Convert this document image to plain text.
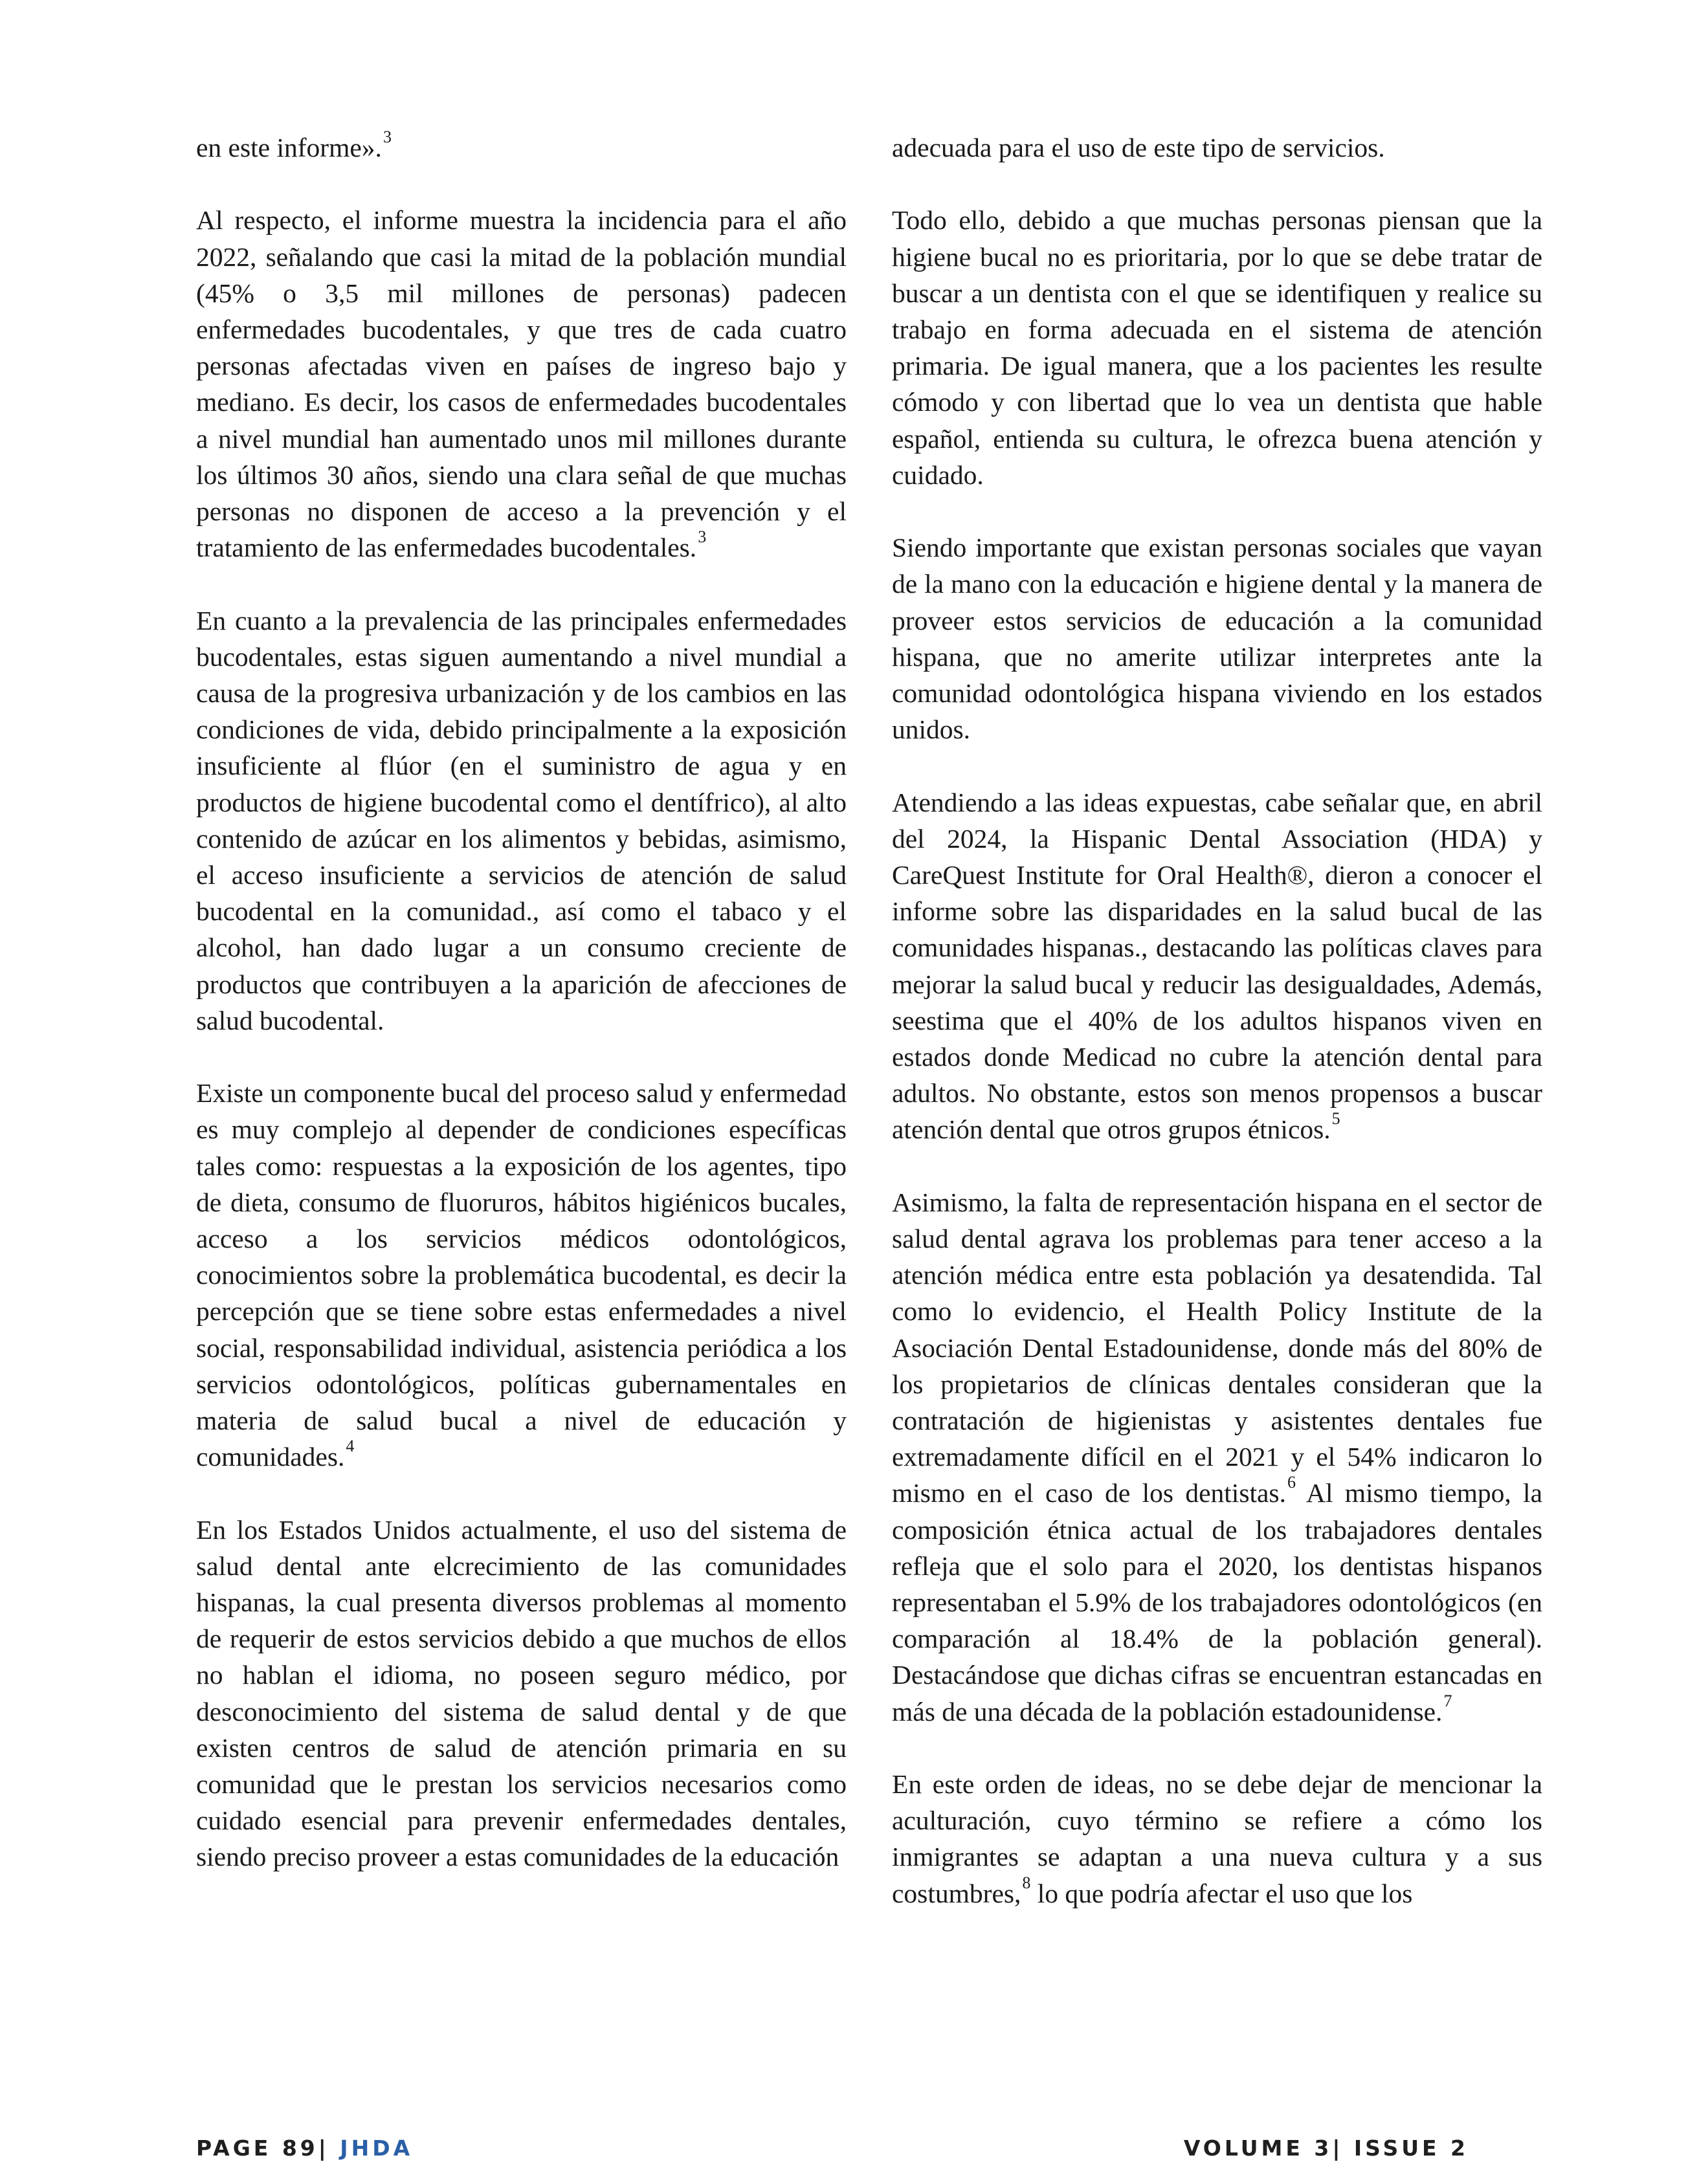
en este informe».$^3$

Al respecto, el informe muestra la incidencia para el año 2022, señalando que casi la mitad de la población mundial (45% o 3,5 mil millones de personas) padecen enfermedades bucodentales, y que tres de cada cuatro personas afectadas viven en países de ingreso bajo y mediano. Es decir, los casos de enfermedades bucodentales a nivel mundial han aumentado unos mil millones durante los últimos 30 años, siendo una clara señal de que muchas personas no disponen de acceso a la prevención y el tratamiento de las enfermedades bucodentales.$^3$

En cuanto a la prevalencia de las principales enfermedades bucodentales, estas siguen aumentando a nivel mundial a causa de la progresiva urbanización y de los cambios en las condiciones de vida, debido principalmente a la exposición insuficiente al flúor (en el suministro de agua y en productos de higiene bucodental como el dentífrico), al alto contenido de azúcar en los alimentos y bebidas, asimismo, el acceso insuficiente a servicios de atención de salud bucodental en la comunidad., así como el tabaco y el alcohol, han dado lugar a un consumo creciente de productos que contribuyen a la aparición de afecciones de salud bucodental.

Existe un componente bucal del proceso salud y enfermedad es muy complejo al depender de condiciones específicas tales como: respuestas a la exposición de los agentes, tipo de dieta, consumo de fluoruros, hábitos higiénicos bucales, acceso a los servicios médicos odontológicos, conocimientos sobre la problemática bucodental, es decir la percepción que se tiene sobre estas enfermedades a nivel social, responsabilidad individual, asistencia periódica a los servicios odontológicos, políticas gubernamentales en materia de salud bucal a nivel de educación y comunidades.$^4$

En los Estados Unidos actualmente, el uso del sistema de salud dental ante elcrecimiento de las comunidades hispanas, la cual presenta diversos problemas al momento de requerir de estos servicios debido a que muchos de ellos no hablan el idioma, no poseen seguro médico, por desconocimiento del sistema de salud dental y de que existen centros de salud de atención primaria en su comunidad que le prestan los servicios necesarios como cuidado esencial para prevenir enfermedades dentales, siendo preciso proveer a estas comunidades de la educación

adecuada para el uso de este tipo de servicios.

Todo ello, debido a que muchas personas piensan que la higiene bucal no es prioritaria, por lo que se debe tratar de buscar a un dentista con el que se identifiquen y realice su trabajo en forma adecuada en el sistema de atención primaria. De igual manera, que a los pacientes les resulte cómodo y con libertad que lo vea un dentista que hable español, entienda su cultura, le ofrezca buena atención y cuidado.

Siendo importante que existan personas sociales que vayan de la mano con la educación e higiene dental y la manera de proveer estos servicios de educación a la comunidad hispana, que no amerite utilizar interpretes ante la comunidad odontológica hispana viviendo en los estados unidos.

Atendiendo a las ideas expuestas, cabe señalar que, en abril del 2024, la Hispanic Dental Association (HDA) y CareQuest Institute for Oral Health®, dieron a conocer el informe sobre las disparidades en la salud bucal de las comunidades hispanas., destacando las políticas claves para mejorar la salud bucal y reducir las desigualdades, Además, seestima que el 40% de los adultos hispanos viven en estados donde Medicad no cubre la atención dental para adultos. No obstante, estos son menos propensos a buscar atención dental que otros grupos étnicos.$^5$

Asimismo, la falta de representación hispana en el sector de salud dental agrava los problemas para tener acceso a la atención médica entre esta población ya desatendida. Tal como lo evidencio, el Health Policy Institute de la Asociación Dental Estadounidense, donde más del 80% de los propietarios de clínicas dentales consideran que la contratación de higienistas y asistentes dentales fue extremadamente difícil en el 2021 y el 54% indicaron lo mismo en el caso de los dentistas.$^6$ Al mismo tiempo, la composición étnica actual de los trabajadores dentales refleja que el solo para el 2020, los dentistas hispanos representaban el 5.9% de los trabajadores odontológicos (en comparación al 18.4% de la población general). Destacándose que dichas cifras se encuentran estancadas en más de una década de la población estadounidense.$^7$

En este orden de ideas, no se debe dejar de mencionar la aculturación, cuyo término se refiere a cómo los inmigrantes se adaptan a una nueva cultura y a sus costumbres,$^8$ lo que podría afectar el uso que los

PAGE 89| JHDA	VOLUME 3| ISSUE 2
